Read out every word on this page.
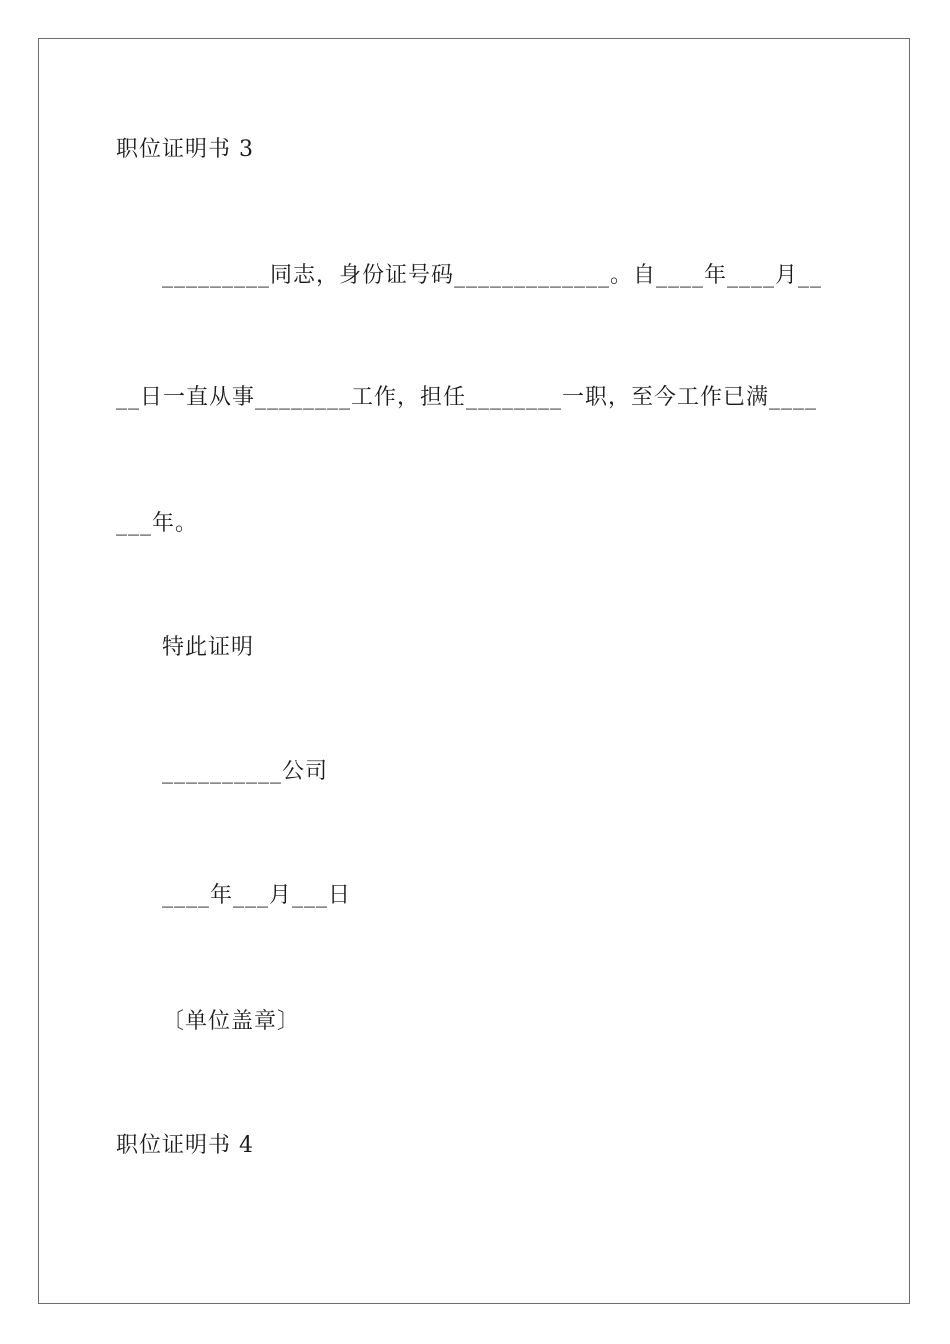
职位证明书 3
_________同志，身份证号码_____________。自____年____月__
__日一直从事________工作，担任________一职，至今工作已满____
___年。
特此证明
__________公司
____年___月___日
〔单位盖章〕
职位证明书 4
